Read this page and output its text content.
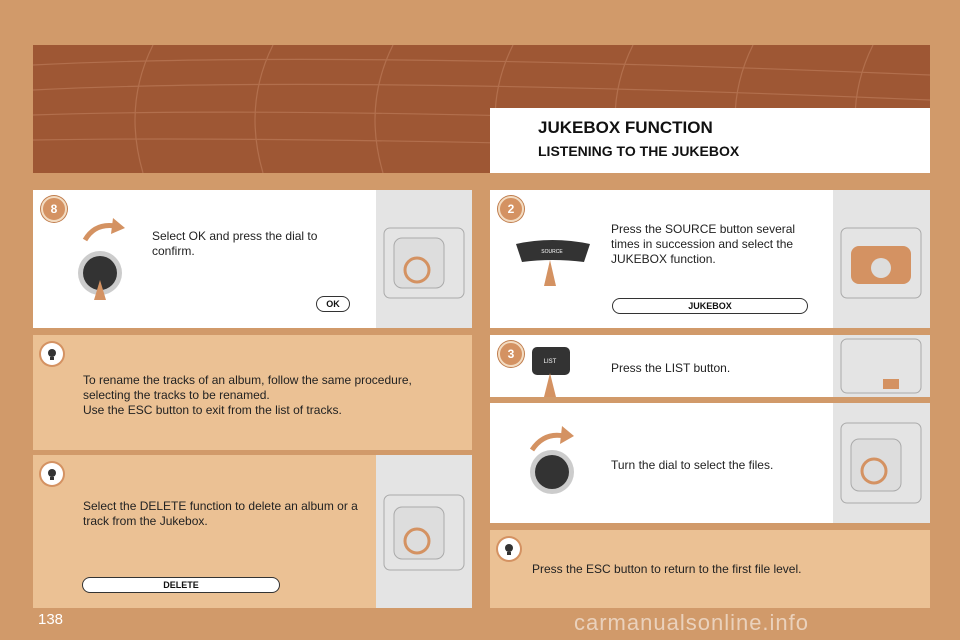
JUKEBOX FUNCTION
LISTENING TO THE JUKEBOX
8
Select OK and press the dial to confirm.
OK
To rename the tracks of an album, follow the same procedure, selecting the tracks to be renamed.
Use the ESC button to exit from the list of tracks.
Select the DELETE function to delete an album or a track from the Jukebox.
DELETE
2
SOURCE
Press the SOURCE button several times in succession and select the JUKEBOX function.
JUKEBOX
3
LIST	Press the LIST button.
Turn the dial to select the files.
Press the ESC button to return to the first file level.
138	carmanualsonline.info
